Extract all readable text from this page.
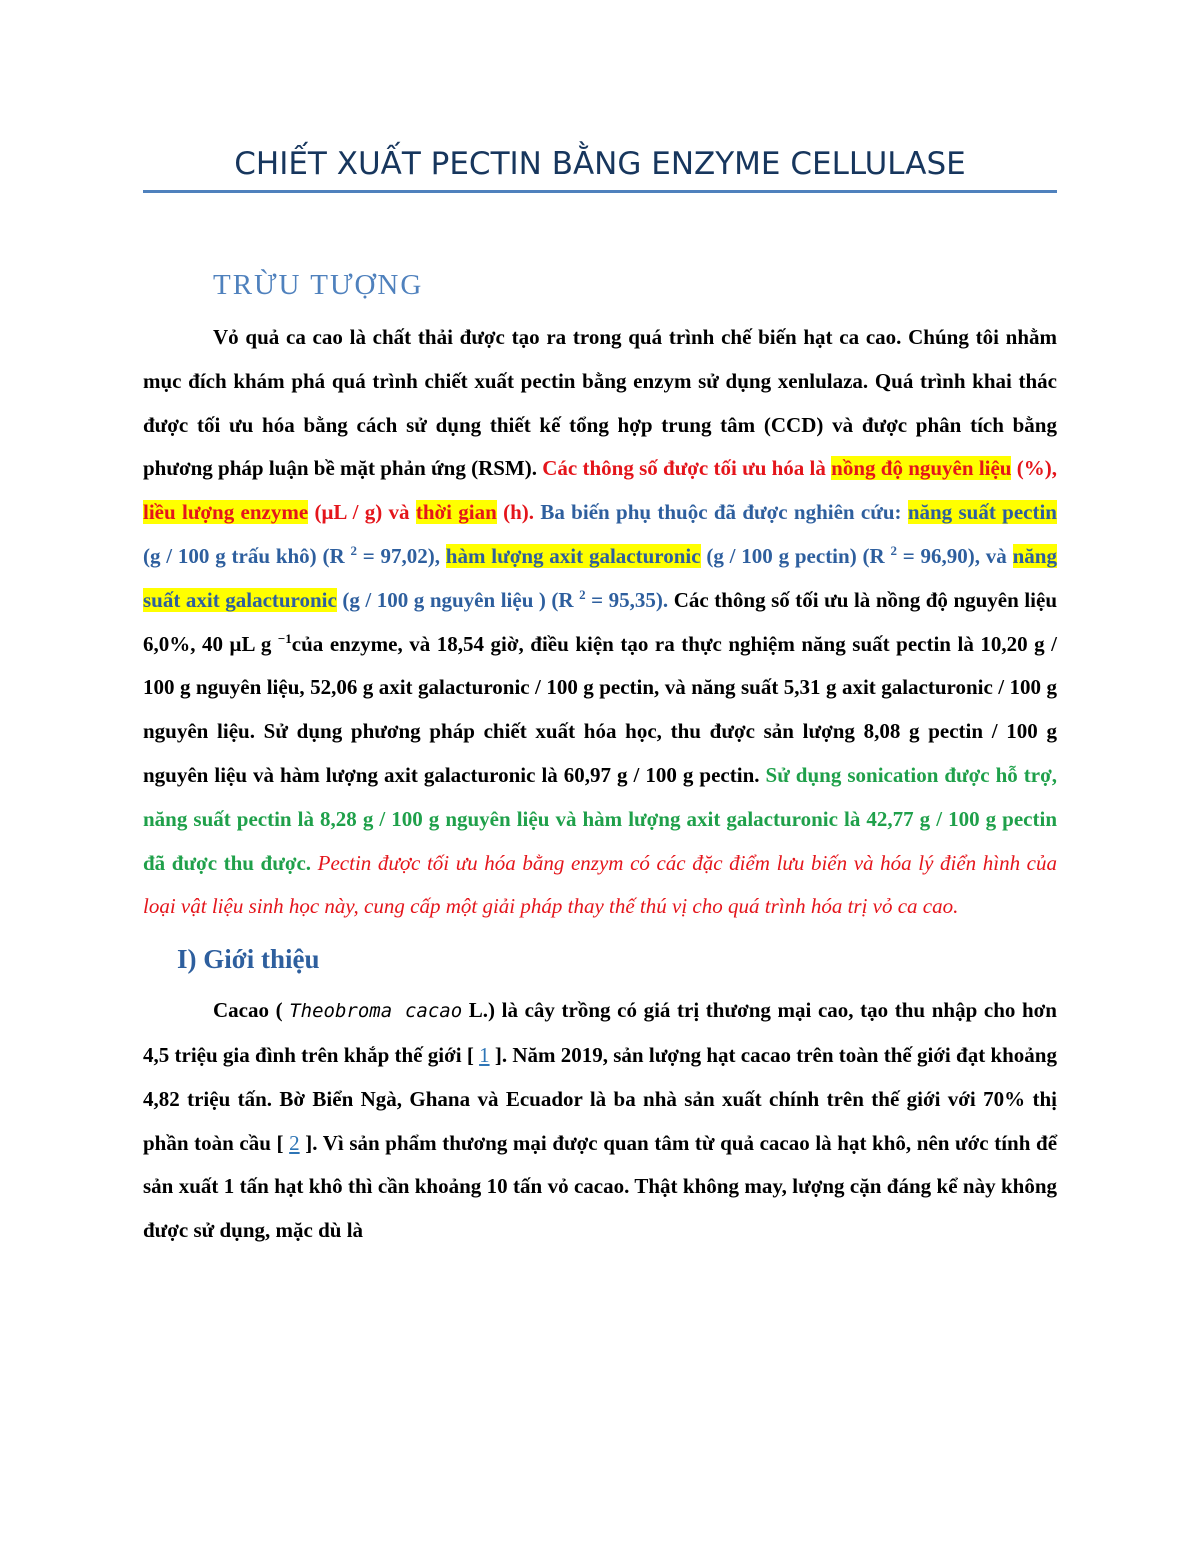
CHIẾT XUẤT PECTIN BẰNG ENZYME CELLULASE
TRỪU TƯỢNG

Vỏ quả ca cao là chất thải được tạo ra trong quá trình chế biến hạt ca cao. Chúng tôi nhằm mục đích khám phá quá trình chiết xuất pectin bằng enzym sử dụng xenlulaza. Quá trình khai thác được tối ưu hóa bằng cách sử dụng thiết kế tổng hợp trung tâm (CCD) và được phân tích bằng phương pháp luận bề mặt phản ứng (RSM). Các thông số được tối ưu hóa là nồng độ nguyên liệu (%), liều lượng enzyme (μL / g) và thời gian (h). Ba biến phụ thuộc đã được nghiên cứu: năng suất pectin (g / 100 g trấu khô) (R $^2$ = 97,02), hàm lượng axit galacturonic (g / 100 g pectin) (R $^2$ = 96,90), và năng suất axit galacturonic (g / 100 g nguyên liệu ) (R $^2$ = 95,35). Các thông số tối ưu là nồng độ nguyên liệu 6,0%, 40 μL g $^{-1}$của enzyme, và 18,54 giờ, điều kiện tạo ra thực nghiệm năng suất pectin là 10,20 g / 100 g nguyên liệu, 52,06 g axit galacturonic / 100 g pectin, và năng suất 5,31 g axit galacturonic / 100 g nguyên liệu. Sử dụng phương pháp chiết xuất hóa học, thu được sản lượng 8,08 g pectin / 100 g nguyên liệu và hàm lượng axit galacturonic là 60,97 g / 100 g pectin. Sử dụng sonication được hỗ trợ, năng suất pectin là 8,28 g / 100 g nguyên liệu và hàm lượng axit galacturonic là 42,77 g / 100 g pectin đã được thu được. Pectin được tối ưu hóa bằng enzym có các đặc điểm lưu biến và hóa lý điển hình của loại vật liệu sinh học này, cung cấp một giải pháp thay thế thú vị cho quá trình hóa trị vỏ ca cao.

I) Giới thiệu

Cacao ( Theobroma cacao L.) là cây trồng có giá trị thương mại cao, tạo thu nhập cho hơn 4,5 triệu gia đình trên khắp thế giới [ 1 ]. Năm 2019, sản lượng hạt cacao trên toàn thế giới đạt khoảng 4,82 triệu tấn. Bờ Biển Ngà, Ghana và Ecuador là ba nhà sản xuất chính trên thế giới với 70% thị phần toàn cầu [ 2 ]. Vì sản phẩm thương mại được quan tâm từ quả cacao là hạt khô, nên ước tính để sản xuất 1 tấn hạt khô thì cần khoảng 10 tấn vỏ cacao. Thật không may, lượng cặn đáng kể này không được sử dụng, mặc dù là
